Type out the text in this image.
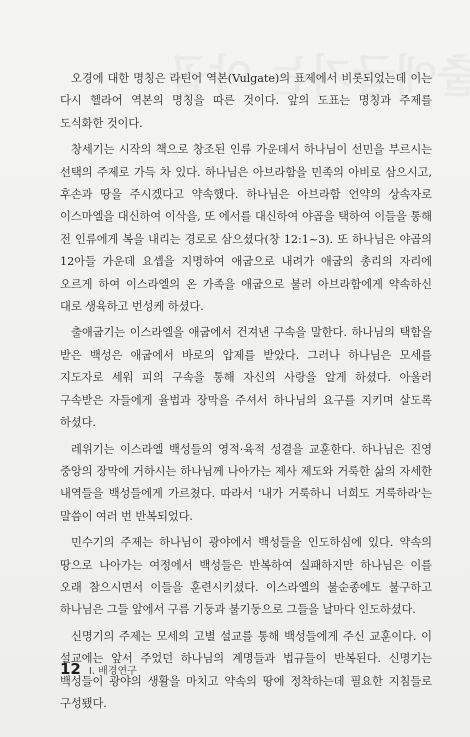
오경에 대한 명칭은 라틴어 역본(Vulgate)의 표제에서 비롯되었는데 이는 다시 헬라어 역본의 명칭을 따른 것이다. 앞의 도표는 명칭과 주제를 도식화한 것이다.

창세기는 시작의 책으로 창조된 인류 가운데서 하나님이 선민을 부르시는 선택의 주제로 가득 차 있다. 하나님은 아브라함을 민족의 아비로 삼으시고, 후손과 땅을 주시겠다고 약속했다. 하나님은 아브라함 언약의 상속자로 이스마엘을 대신하여 이삭을, 또 에서를 대신하여 야곱을 택하여 이들을 통해 전 인류에게 복을 내리는 경로로 삼으셨다(창 12:1~3). 또 하나님은 야곱의 12아들 가운데 요셉을 지명하여 애굽으로 내려가 애굽의 총리의 자리에 오르게 하여 이스라엘의 온 가족을 애굽으로 불러 아브라함에게 약속하신 대로 생육하고 번성케 하셨다.

출애굽기는 이스라엘을 애굽에서 건져낸 구속을 말한다. 하나님의 택함을 받은 백성은 애굽에서 바로의 압제를 받았다. 그러나 하나님은 모세를 지도자로 세워 피의 구속을 통해 자신의 사랑을 알게 하셨다. 아울러 구속받은 자들에게 율법과 장막을 주셔서 하나님의 요구를 지키며 살도록 하셨다.

레위기는 이스라엘 백성들의 영적·육적 성결을 교훈한다. 하나님은 진영 중앙의 장막에 거하시는 하나님께 나아가는 제사 제도와 거룩한 삶의 자세한 내역들을 백성들에게 가르쳤다. 따라서 '내가 거룩하니 너희도 거룩하라'는 말씀이 여러 번 반복되었다.

민수기의 주제는 하나님이 광야에서 백성들을 인도하심에 있다. 약속의 땅으로 나아가는 여정에서 백성들은 반복하여 실패하지만 하나님은 이를 오래 참으시면서 이들을 훈련시키셨다. 이스라엘의 불순종에도 불구하고 하나님은 그들 앞에서 구름 기둥과 불기둥으로 그들을 날마다 인도하셨다.

신명기의 주제는 모세의 고별 설교를 통해 백성들에게 주신 교훈이다. 이 설교에는 앞서 주었던 하나님의 계명들과 법규들이 반복된다. 신명기는 백성들이 광야의 생활을 마치고 약속의 땅에 정착하는데 필요한 지침들로 구성됐다.

12 I. 배경연구
